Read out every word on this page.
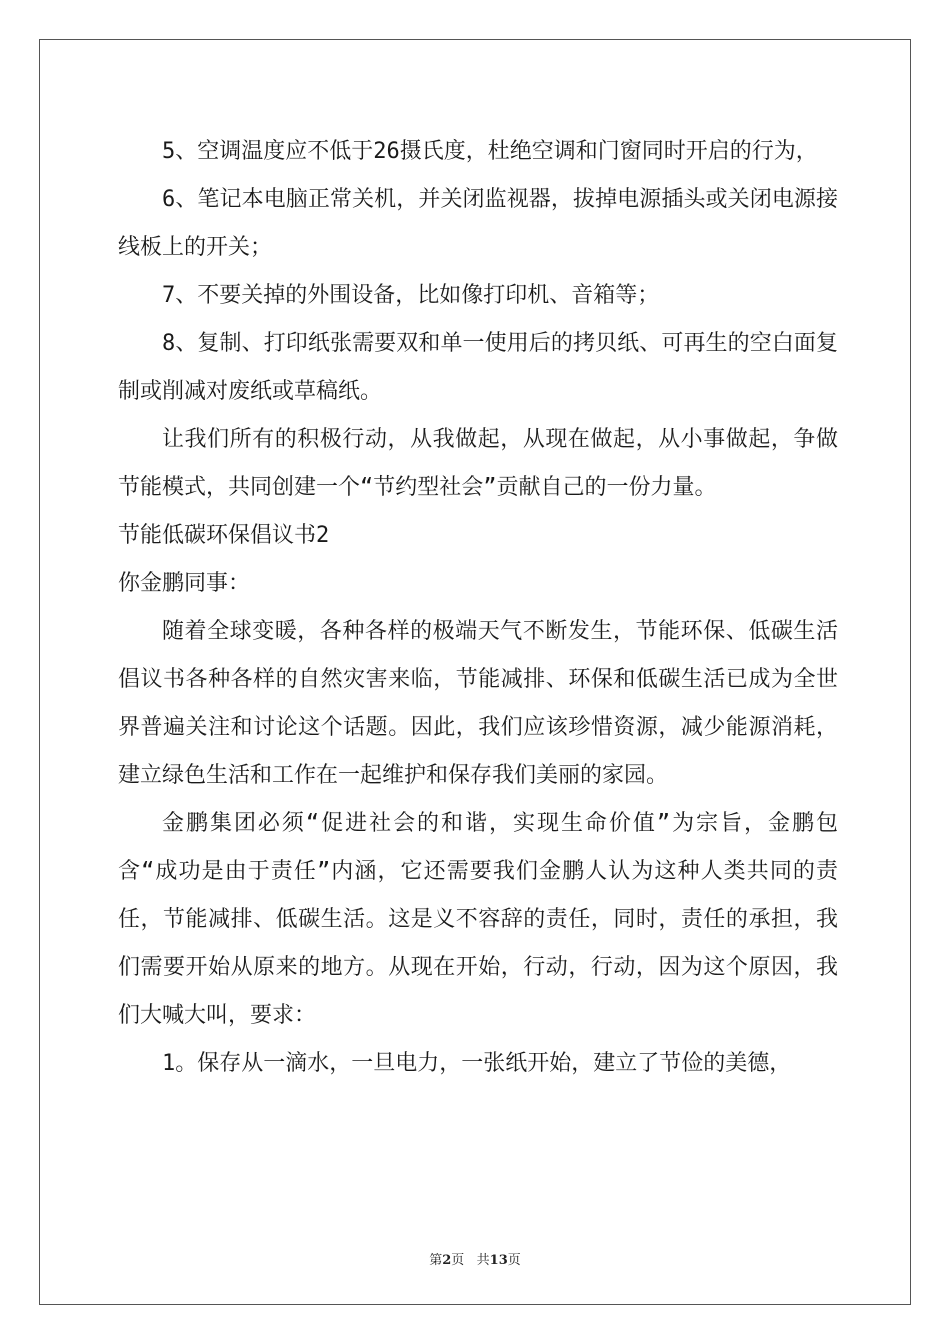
5、空调温度应不低于26摄氏度，杜绝空调和门窗同时开启的行为，

6、笔记本电脑正常关机，并关闭监视器，拔掉电源插头或关闭电源接线板上的开关；

7、不要关掉的外围设备，比如像打印机、音箱等；

8、复制、打印纸张需要双和单一使用后的拷贝纸、可再生的空白面复制或削减对废纸或草稿纸。

让我们所有的积极行动，从我做起，从现在做起，从小事做起，争做节能模式，共同创建一个“节约型社会”贡献自己的一份力量。

节能低碳环保倡议书2

你金鹏同事：

随着全球变暖，各种各样的极端天气不断发生，节能环保、低碳生活倡议书各种各样的自然灾害来临，节能减排、环保和低碳生活已成为全世界普遍关注和讨论这个话题。因此，我们应该珍惜资源，减少能源消耗，建立绿色生活和工作在一起维护和保存我们美丽的家园。

金鹏集团必须“促进社会的和谐，实现生命价值”为宗旨，金鹏包含“成功是由于责任”内涵，它还需要我们金鹏人认为这种人类共同的责任，节能减排、低碳生活。这是义不容辞的责任，同时，责任的承担，我们需要开始从原来的地方。从现在开始，行动，行动，因为这个原因，我们大喊大叫，要求：

1。保存从一滴水，一旦电力，一张纸开始，建立了节俭的美德，

第2页   共13页
